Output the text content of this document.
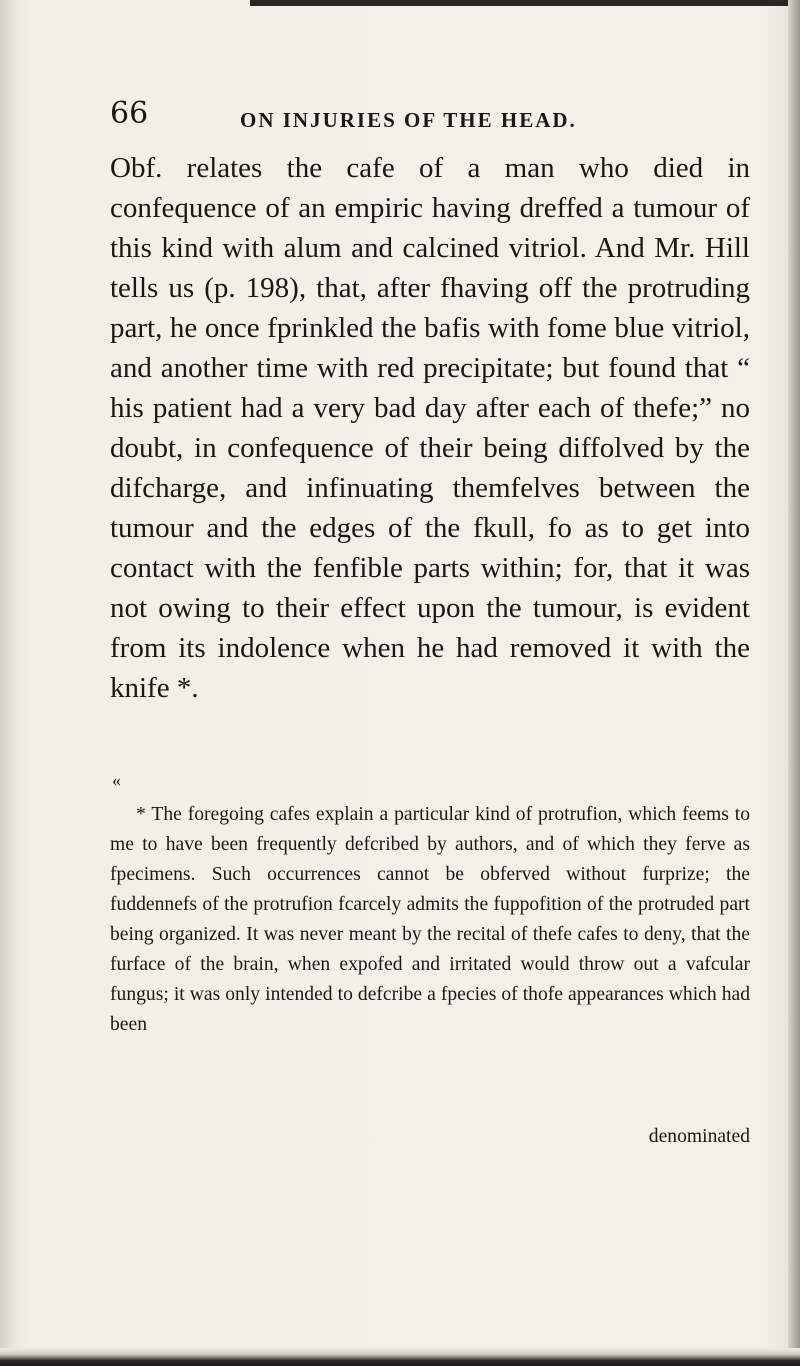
66	ON INJURIES OF THE HEAD.

Obf. relates the cafe of a man who died in confequence of an empiric having dreffed a tumour of this kind with alum and calcined vitriol. And Mr. Hill tells us (p. 198), that, after fhaving off the protruding part, he once fprinkled the bafis with fome blue vitriol, and another time with red precipitate; but found that “ his patient had a very bad day after each of thefe;” no doubt, in confequence of their being diffolved by the difcharge, and infinuating themfelves between the tumour and the edges of the fkull, fo as to get into contact with the fenfible parts within; for, that it was not owing to their effect upon the tumour, is evident from its indolence when he had removed it with the knife *.

«

* The foregoing cafes explain a particular kind of protrufion, which feems to me to have been frequently defcribed by authors, and of which they ferve as fpecimens. Such occurrences cannot be obferved without furprize; the fuddennefs of the protrufion fcarcely admits the fuppofition of the protruded part being organized. It was never meant by the recital of thefe cafes to deny, that the furface of the brain, when expofed and irritated would throw out a vafcular fungus; it was only intended to defcribe a fpecies of thofe appearances which had been

denominated
